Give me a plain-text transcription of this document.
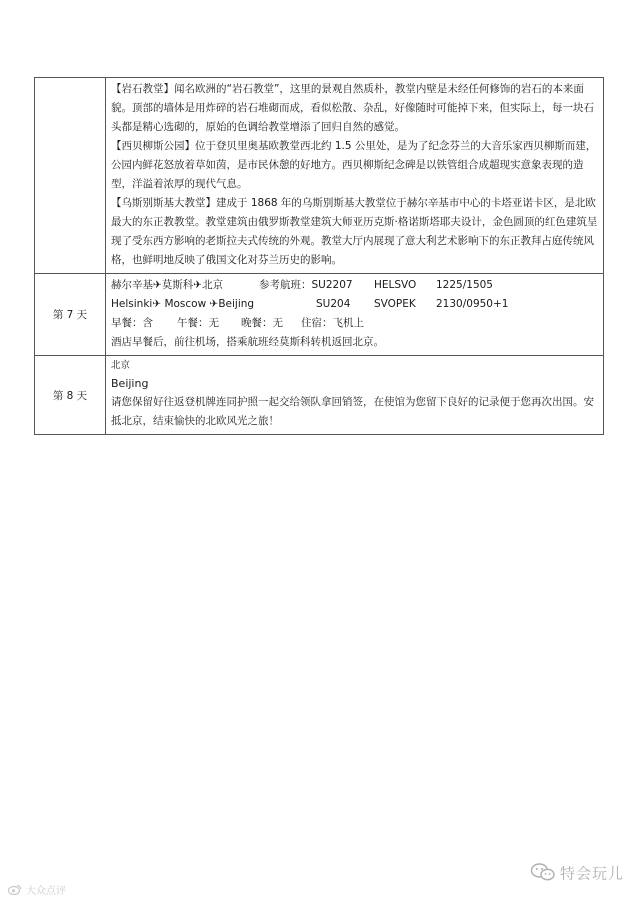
	【岩石教堂】闻名欧洲的“岩石教堂”，这里的景观自然质朴，教堂内壁是未经任何修饰的岩石的本来面貌。顶部的墙体是用炸碎的岩石堆砌而成，看似松散、杂乱，好像随时可能掉下来，但实际上，每一块石头都是精心选砌的，原始的色调给教堂增添了回归自然的感觉。

【西贝柳斯公园】位于登贝里奥基欧教堂西北约 1.5 公里处，是为了纪念芬兰的大音乐家西贝柳斯而建，公园内鲜花怒放着草如茵，是市民休憩的好地方。西贝柳斯纪念碑是以铁管组合成超现实意象表现的造型，洋溢着浓厚的现代气息。

【乌斯别斯基大教堂】建成于 1868 年的乌斯别斯基大教堂位于赫尔辛基市中心的卡塔亚诺卡区，是北欧最大的东正教教堂。教堂建筑由俄罗斯教堂建筑大师亚历克斯·格诺斯塔耶夫设计，金色圆顶的红色建筑呈现了受东西方影响的老斯拉夫式传统的外观。教堂大厅内展现了意大利艺术影响下的东正教拜占庭传统风格，也鲜明地反映了俄国文化对芬兰历史的影响。

第 7 天	赫尔辛基✈莫斯科✈北京 参考航班：SU2207 HELSVO 1225/1505
Helsinki✈ Moscow ✈Beijing SU204 SVOPEK 2130/0950+1
早餐：含 午餐：无 晚餐：无 住宿：飞机上
酒店早餐后，前往机场，搭乘航班经莫斯科转机返回北京。

第 8 天	北京
Beijing
请您保留好往返登机牌连同护照一起交给领队拿回销签，在使馆为您留下良好的记录便于您再次出国。安抵北京，结束愉快的北欧风光之旅！
大众点评
特会玩儿
